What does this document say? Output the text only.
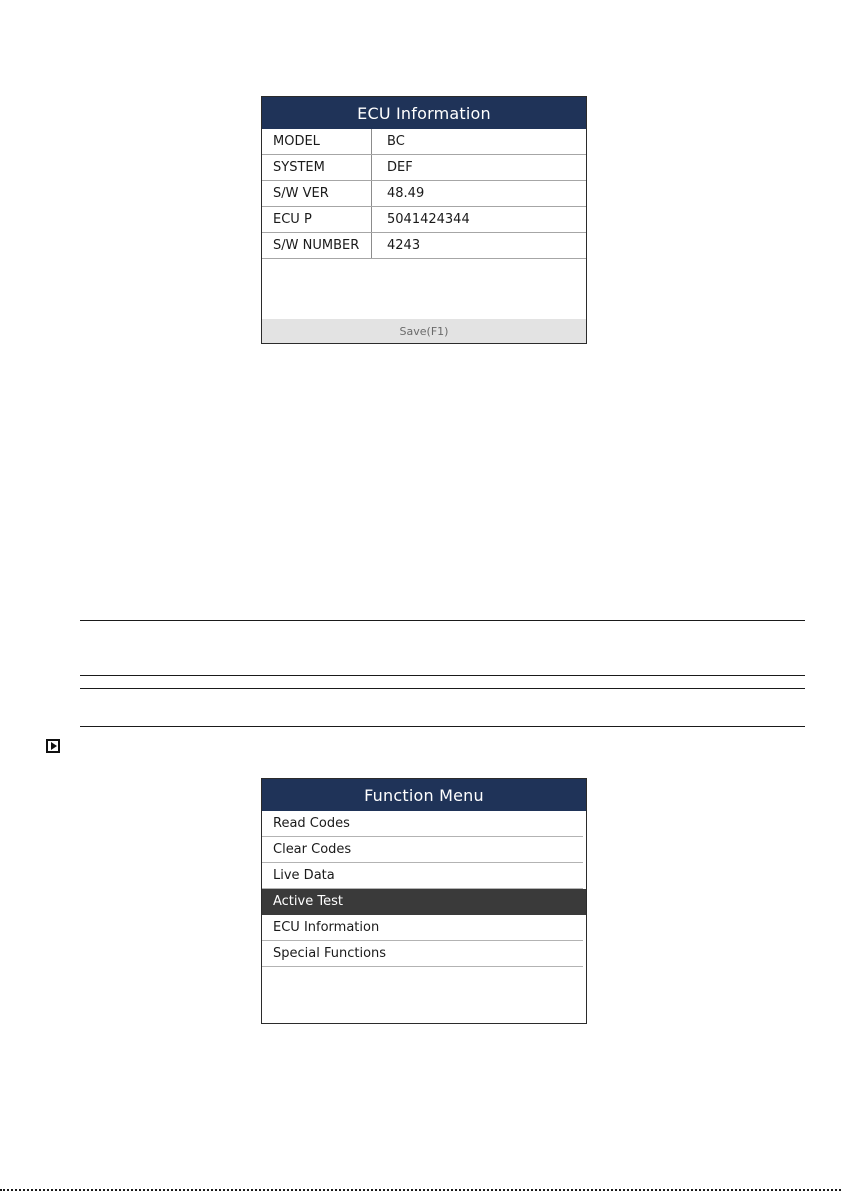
ECU Information
MODEL	BC
SYSTEM	DEF
S/W VER	48.49
ECU P	5041424344
S/W NUMBER	4243
Save(F1)
Function Menu
Read Codes
Clear Codes
Live Data
Active Test
ECU Information
Special Functions
